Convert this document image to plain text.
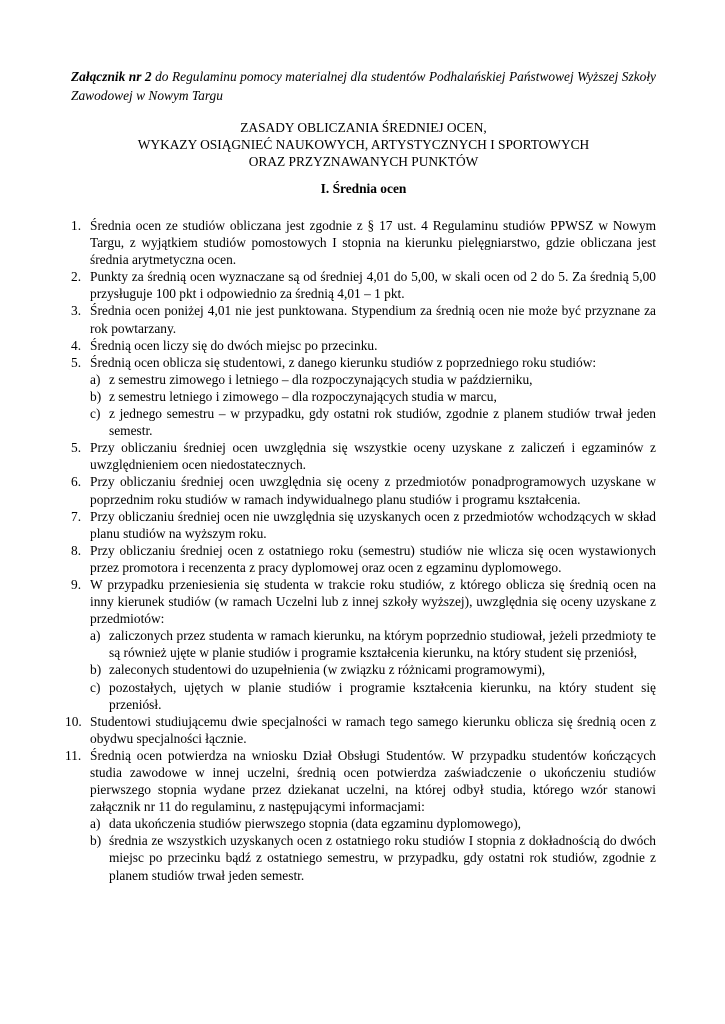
Załącznik nr 2 do Regulaminu pomocy materialnej dla studentów Podhalańskiej Państwowej Wyższej Szkoły Zawodowej w Nowym Targu
ZASADY OBLICZANIA ŚREDNIEJ OCEN,
WYKAZY OSIĄGNIEĆ NAUKOWYCH, ARTYSTYCZNYCH I SPORTOWYCH
ORAZ PRZYZNAWANYCH PUNKTÓW
I. Średnia ocen
1. Średnia ocen ze studiów obliczana jest zgodnie z § 17 ust. 4 Regulaminu studiów PPWSZ w Nowym Targu, z wyjątkiem studiów pomostowych I stopnia na kierunku pielęgniarstwo, gdzie obliczana jest średnia arytmetyczna ocen.
2. Punkty za średnią ocen wyznaczane są od średniej 4,01 do 5,00, w skali ocen od 2 do 5. Za średnią 5,00 przysługuje 100 pkt i odpowiednio za średnią 4,01 – 1 pkt.
3. Średnia ocen poniżej 4,01 nie jest punktowana. Stypendium za średnią ocen nie może być przyznane za rok powtarzany.
4. Średnią ocen liczy się do dwóch miejsc po przecinku.
5. Średnią ocen oblicza się studentowi, z danego kierunku studiów z poprzedniego roku studiów:
a) z semestru zimowego i letniego – dla rozpoczynających studia w październiku,
b) z semestru letniego i zimowego – dla rozpoczynających studia w marcu,
c) z jednego semestru – w przypadku, gdy ostatni rok studiów, zgodnie z planem studiów trwał jeden semestr.
5. Przy obliczaniu średniej ocen uwzględnia się wszystkie oceny uzyskane z zaliczeń i egzaminów z uwzględnieniem ocen niedostatecznych.
6. Przy obliczaniu średniej ocen uwzględnia się oceny z przedmiotów ponadprogramowych uzyskane w poprzednim roku studiów w ramach indywidualnego planu studiów i programu kształcenia.
7. Przy obliczaniu średniej ocen nie uwzględnia się uzyskanych ocen z przedmiotów wchodzących w skład planu studiów na wyższym roku.
8. Przy obliczaniu średniej ocen z ostatniego roku (semestru) studiów nie wlicza się ocen wystawionych przez promotora i recenzenta z pracy dyplomowej oraz ocen z egzaminu dyplomowego.
9. W przypadku przeniesienia się studenta w trakcie roku studiów, z którego oblicza się średnią ocen na inny kierunek studiów (w ramach Uczelni lub z innej szkoły wyższej), uwzględnia się oceny uzyskane z przedmiotów:
a) zaliczonych przez studenta w ramach kierunku, na którym poprzednio studiował, jeżeli przedmioty te są również ujęte w planie studiów i programie kształcenia kierunku, na który student się przeniósł,
b) zaleconych studentowi do uzupełnienia (w związku z różnicami programowymi),
c) pozostałych, ujętych w planie studiów i programie kształcenia kierunku, na który student się przeniósł.
10. Studentowi studiującemu dwie specjalności w ramach tego samego kierunku oblicza się średnią ocen z obydwu specjalności łącznie.
11. Średnią ocen potwierdza na wniosku Dział Obsługi Studentów. W przypadku studentów kończących studia zawodowe w innej uczelni, średnią ocen potwierdza zaświadczenie o ukończeniu studiów pierwszego stopnia wydane przez dziekanat uczelni, na której odbył studia, którego wzór stanowi załącznik nr 11 do regulaminu, z następującymi informacjami:
a) data ukończenia studiów pierwszego stopnia (data egzaminu dyplomowego),
b) średnia ze wszystkich uzyskanych ocen z ostatniego roku studiów I stopnia z dokładnością do dwóch miejsc po przecinku bądź z ostatniego semestru, w przypadku, gdy ostatni rok studiów, zgodnie z planem studiów trwał jeden semestr.
